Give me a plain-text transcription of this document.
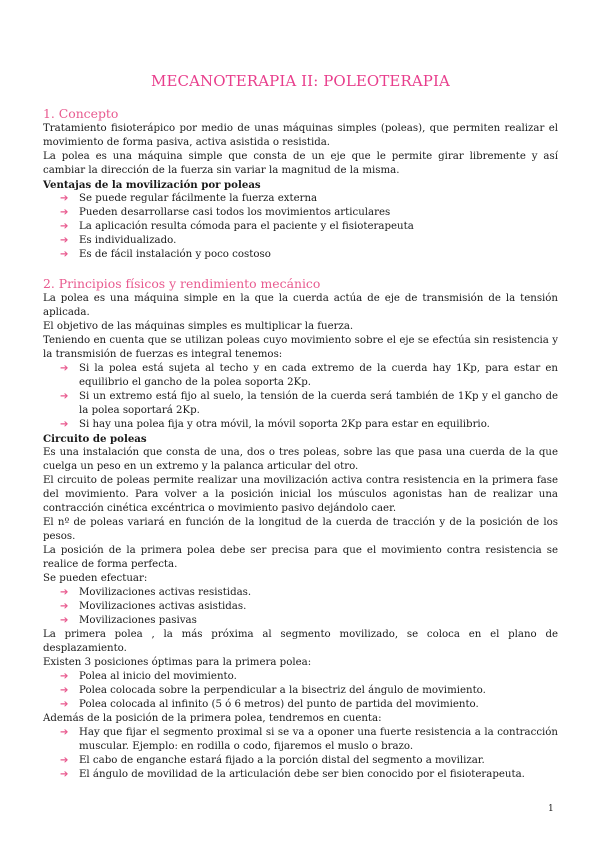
MECANOTERAPIA II: POLEOTERAPIA
1. Concepto

Tratamiento fisioterápico por medio de unas máquinas simples (poleas), que permiten realizar el movimiento de forma pasiva, activa asistida o resistida.

La polea es una máquina simple que consta de un eje que le permite girar libremente y así cambiar la dirección de la fuerza sin variar la magnitud de la misma.

Ventajas de la movilización por poleas
➔ Se puede regular fácilmente la fuerza externa
➔ Pueden desarrollarse casi todos los movimientos articulares
➔ La aplicación resulta cómoda para el paciente y el fisioterapeuta
➔ Es individualizado.
➔ Es de fácil instalación y poco costoso
2. Principios físicos y rendimiento mecánico

La polea es una máquina simple en la que la cuerda actúa de eje de transmisión de la tensión aplicada.

El objetivo de las máquinas simples es multiplicar la fuerza.

Teniendo en cuenta que se utilizan poleas cuyo movimiento sobre el eje se efectúa sin resistencia y la transmisión de fuerzas es integral tenemos:

➔ Si la polea está sujeta al techo y en cada extremo de la cuerda hay 1Kp, para estar en equilibrio el gancho de la polea soporta 2Kp.
➔ Si un extremo está fijo al suelo, la tensión de la cuerda será también de 1Kp y el gancho de la polea soportará 2Kp.
➔ Si hay una polea fija y otra móvil, la móvil soporta 2Kp para estar en equilibrio.
Circuito de poleas

Es una instalación que consta de una, dos o tres poleas, sobre las que pasa una cuerda de la que cuelga un peso en un extremo y la palanca articular del otro.

El circuito de poleas permite realizar una movilización activa contra resistencia en la primera fase del movimiento. Para volver a la posición inicial los músculos agonistas han de realizar una contracción cinética excéntrica o movimiento pasivo dejándolo caer.

El nº de poleas variará en función de la longitud de la cuerda de tracción y de la posición de los pesos.

La posición de la primera polea debe ser precisa para que el movimiento contra resistencia se realice de forma perfecta.

Se pueden efectuar:

➔ Movilizaciones activas resistidas.
➔ Movilizaciones activas asistidas.
➔ Movilizaciones pasivas

La primera polea , la más próxima al segmento movilizado, se coloca en el plano de desplazamiento.

Existen 3 posiciones óptimas para la primera polea:

➔ Polea al inicio del movimiento.
➔ Polea colocada sobre la perpendicular a la bisectriz del ángulo de movimiento.
➔ Polea colocada al infinito (5 ó 6 metros) del punto de partida del movimiento.

Además de la posición de la primera polea, tendremos en cuenta:

➔ Hay que fijar el segmento proximal si se va a oponer una fuerte resistencia a la contracción muscular. Ejemplo: en rodilla o codo, fijaremos el muslo o brazo.
➔ El cabo de enganche estará fijado a la porción distal del segmento a movilizar.
➔ El ángulo de movilidad de la articulación debe ser bien conocido por el fisioterapeuta.
1
